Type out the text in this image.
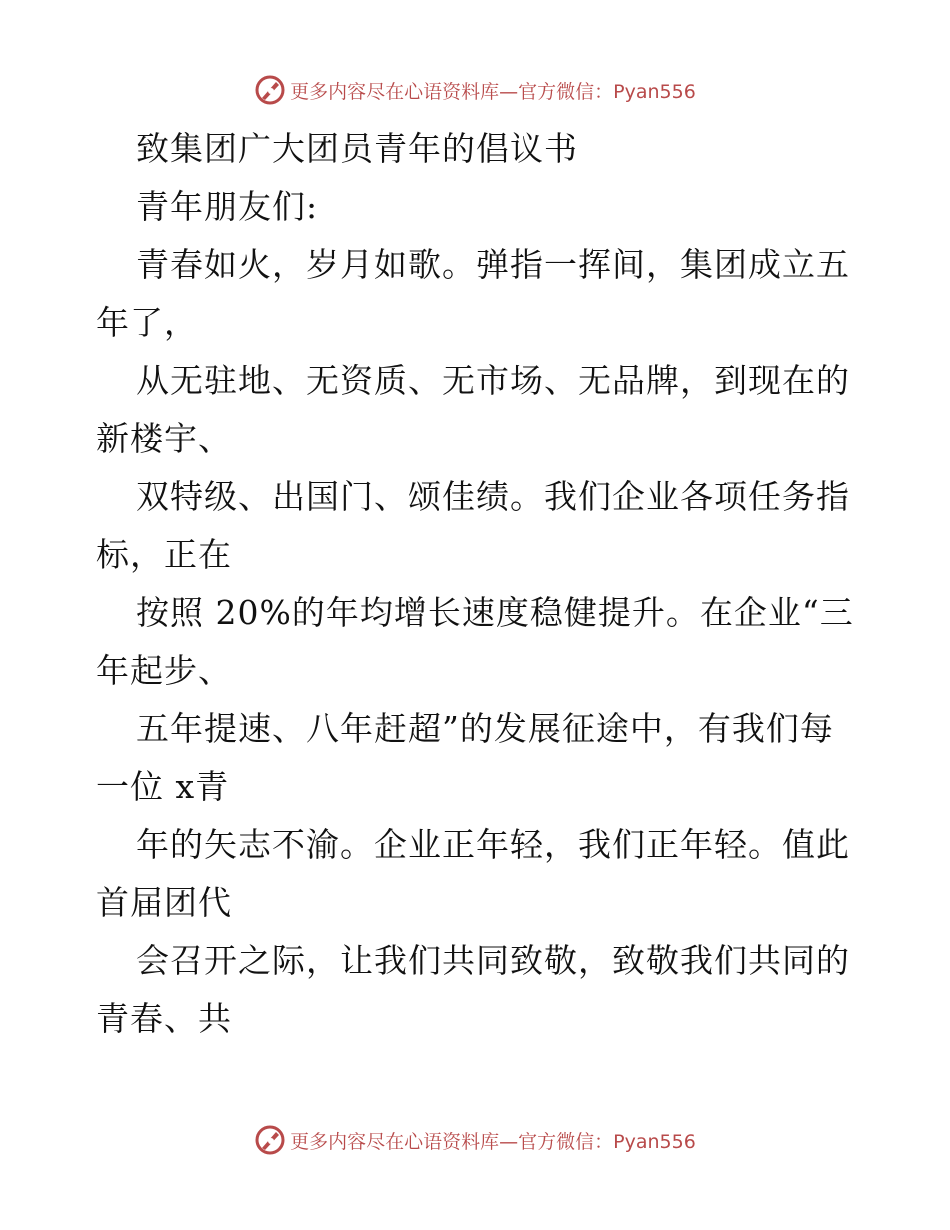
更多内容尽在心语资料库—官方微信：Pyan556
致集团广大团员青年的倡议书
青年朋友们:
青春如火，岁月如歌。弹指一挥间，集团成立五
年了，
从无驻地、无资质、无市场、无品牌，到现在的
新楼宇、
双特级、出国门、颂佳绩。我们企业各项任务指
标，正在
按照 20%的年均增长速度稳健提升。在企业“三
年起步、
五年提速、八年赶超”的发展征途中，有我们每
一位 x青
年的矢志不渝。企业正年轻，我们正年轻。值此
首届团代
会召开之际，让我们共同致敬，致敬我们共同的
青春、共
更多内容尽在心语资料库—官方微信：Pyan556
